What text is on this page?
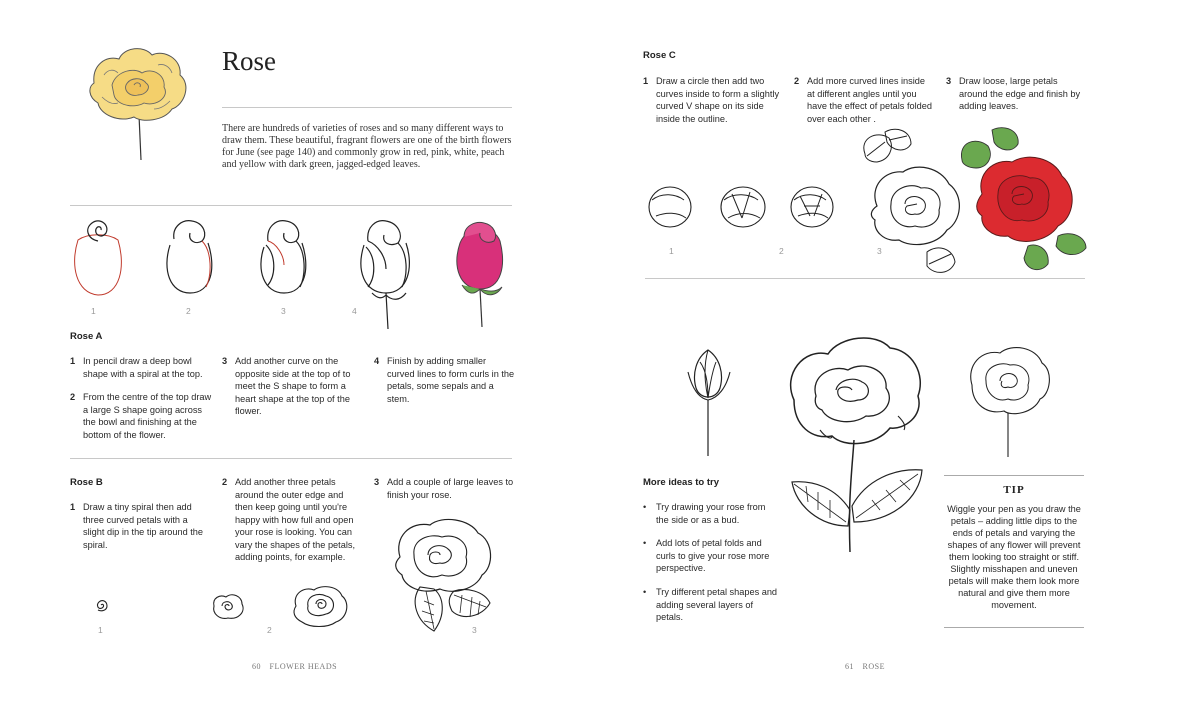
Rose
There are hundreds of varieties of roses and so many different ways to draw them. These beautiful, fragrant flowers are one of the birth flowers for June (see page 140) and commonly grow in red, pink, white, peach and yellow with dark green, jagged-edged leaves.
1	2	3	4
Rose A
1 In pencil draw a deep bowl shape with a spiral at the top.
2 From the centre of the top draw a large S shape going across the bowl and finishing at the bottom of the flower.
3 Add another curve on the opposite side at the top of to meet the S shape to form a heart shape at the top of the flower.
4 Finish by adding smaller curved lines to form curls in the petals, some sepals and a stem.
Rose B
1 Draw a tiny spiral then add three curved petals with a slight dip in the tip around the spiral.
2 Add another three petals around the outer edge and then keep going until you're happy with how full and open your rose is looking. You can vary the shapes of the petals, adding points, for example.
3 Add a couple of large leaves to finish your rose.
1	2	3
60 FLOWER HEADS
Rose C
1 Draw a circle then add two curves inside to form a slightly curved V shape on its side inside the outline.
2 Add more curved lines inside at different angles until you have the effect of petals folded over each other .
3 Draw loose, large petals around the edge and finish by adding leaves.
1	2	3
More ideas to try
•	Try drawing your rose from the side or as a bud.
•	Add lots of petal folds and curls to give your rose more perspective.
•	Try different petal shapes and adding several layers of petals.
TIP
Wiggle your pen as you draw the petals – adding little dips to the ends of petals and varying the shapes of any flower will prevent them looking too straight or stiff. Slightly misshapen and uneven petals will make them look more natural and give them more movement.
61 ROSE
